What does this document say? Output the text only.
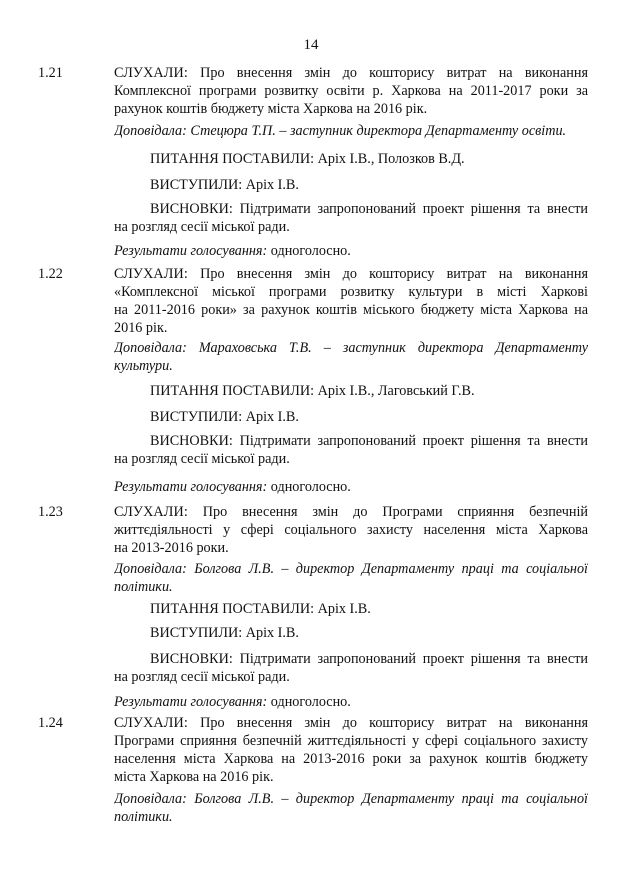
14
1.21	СЛУХАЛИ: Про внесення змін до кошторису витрат на виконання
Комплексної програми розвитку освіти р. Харкова на 2011-2017 роки за
рахунок коштів бюджету міста Харкова на 2016 рік.
Доповідала: Стецюра Т.П. – заступник директора Департаменту освіти.
ПИТАННЯ ПОСТАВИЛИ: Аріх І.В., Полозков В.Д.
ВИСТУПИЛИ: Аріх І.В.
ВИСНОВКИ: Підтримати запропонований проект рішення та внести
на розгляд сесії міської ради.
Результати голосування: одноголосно.
1.22	СЛУХАЛИ: Про внесення змін до кошторису витрат на виконання
«Комплексної міської програми розвитку культури в місті Харкові
на 2011-2016 роки» за рахунок коштів міського бюджету міста Харкова на
2016 рік.
Доповідала: Мараховська Т.В. – заступник директора Департаменту
культури.
ПИТАННЯ ПОСТАВИЛИ: Аріх І.В., Лаговський Г.В.
ВИСТУПИЛИ: Аріх І.В.
ВИСНОВКИ: Підтримати запропонований проект рішення та внести
на розгляд сесії міської ради.
Результати голосування: одноголосно.
1.23	СЛУХАЛИ: Про внесення змін до Програми сприяння безпечній
життєдіяльності у сфері соціального захисту населення міста Харкова
на 2013-2016 роки.
Доповідала: Болгова Л.В. – директор Департаменту праці та соціальної
політики.
ПИТАННЯ ПОСТАВИЛИ: Аріх І.В.
ВИСТУПИЛИ: Аріх І.В.
ВИСНОВКИ: Підтримати запропонований проект рішення та внести
на розгляд сесії міської ради.
Результати голосування: одноголосно.
1.24	СЛУХАЛИ: Про внесення змін до кошторису витрат на виконання
Програми сприяння безпечній життєдіяльності у сфері соціального захисту
населення міста Харкова на 2013-2016 роки за рахунок коштів бюджету
міста Харкова на 2016 рік.
Доповідала: Болгова Л.В. – директор Департаменту праці та соціальної
політики.
